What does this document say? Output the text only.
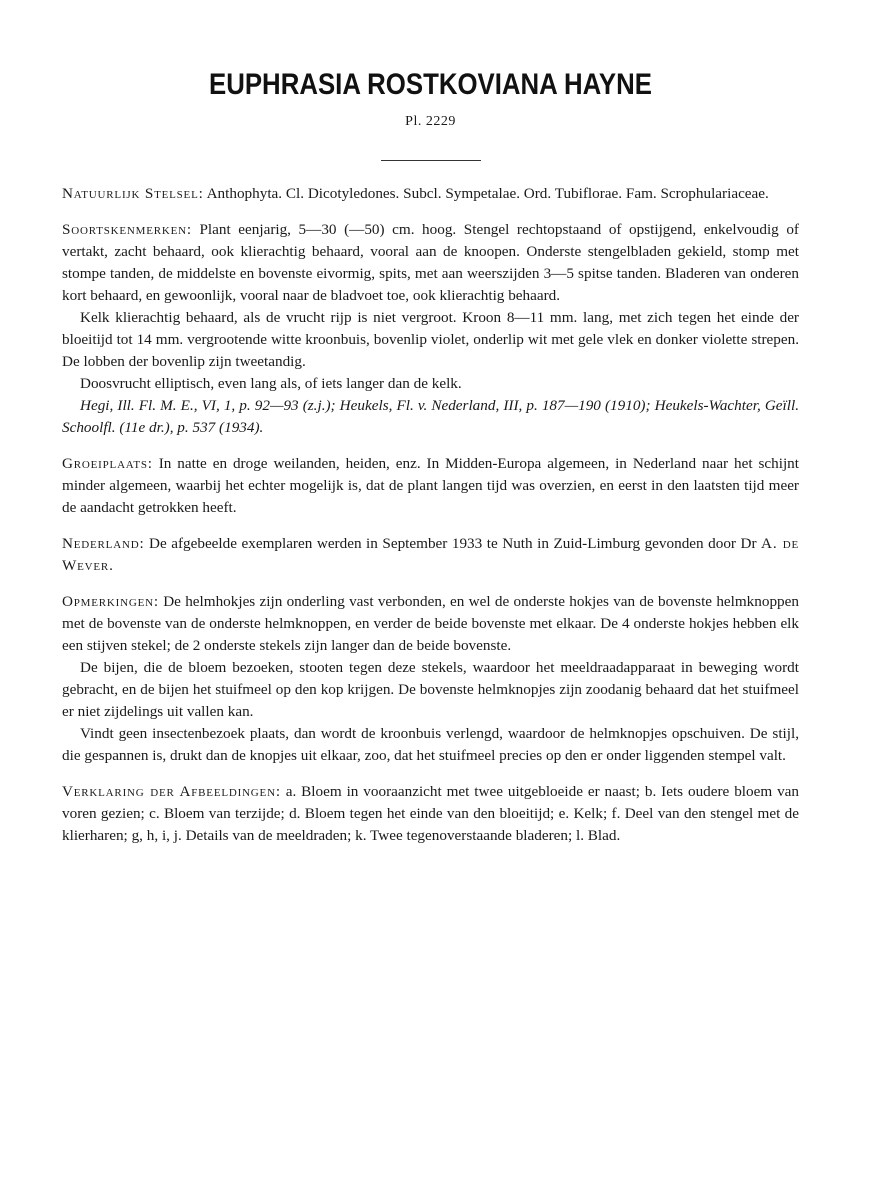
EUPHRASIA ROSTKOVIANA HAYNE
Pl. 2229

Natuurlijk Stelsel: Anthophyta. Cl. Dicotyledones. Subcl. Sympetalae. Ord. Tubiflorae. Fam. Scrophulariaceae.

Soortskenmerken: Plant eenjarig, 5—30 (—50) cm. hoog. Stengel rechtopstaand of opstijgend, enkelvoudig of vertakt, zacht behaard, ook klierachtig behaard, vooral aan de knoopen. Onderste stengelbladen gekield, stomp met stompe tanden, de middelste en bovenste eivormig, spits, met aan weerszijden 3—5 spitse tanden. Bladeren van onderen kort behaard, en gewoonlijk, vooral naar de bladvoet toe, ook klierachtig behaard.

Kelk klierachtig behaard, als de vrucht rijp is niet vergroot. Kroon 8—11 mm. lang, met zich tegen het einde der bloeitijd tot 14 mm. vergrootende witte kroonbuis, bovenlip violet, onderlip wit met gele vlek en donker violette strepen. De lobben der bovenlip zijn tweetandig.

Doosvrucht elliptisch, even lang als, of iets langer dan de kelk.

Hegi, Ill. Fl. M. E., VI, 1, p. 92—93 (z.j.); Heukels, Fl. v. Nederland, III, p. 187—190 (1910); Heukels-Wachter, Geïll. Schoolfl. (11e dr.), p. 537 (1934).

Groeiplaats: In natte en droge weilanden, heiden, enz. In Midden-Europa algemeen, in Nederland naar het schijnt minder algemeen, waarbij het echter mogelijk is, dat de plant langen tijd was overzien, en eerst in den laatsten tijd meer de aandacht getrokken heeft.

Nederland: De afgebeelde exemplaren werden in September 1933 te Nuth in Zuid-Limburg gevonden door Dr A. de Wever.

Opmerkingen: De helmhokjes zijn onderling vast verbonden, en wel de onderste hokjes van de bovenste helmknoppen met de bovenste van de onderste helmknoppen, en verder de beide bovenste met elkaar. De 4 onderste hokjes hebben elk een stijven stekel; de 2 onderste stekels zijn langer dan de beide bovenste.

De bijen, die de bloem bezoeken, stooten tegen deze stekels, waardoor het meeldraadapparaat in beweging wordt gebracht, en de bijen het stuifmeel op den kop krijgen. De bovenste helmknopjes zijn zoodanig behaard dat het stuifmeel er niet zijdelings uit vallen kan.

Vindt geen insectenbezoek plaats, dan wordt de kroonbuis verlengd, waardoor de helmknopjes opschuiven. De stijl, die gespannen is, drukt dan de knopjes uit elkaar, zoo, dat het stuifmeel precies op den er onder liggenden stempel valt.

Verklaring der Afbeeldingen: a. Bloem in vooraanzicht met twee uitgebloeide er naast; b. Iets oudere bloem van voren gezien; c. Bloem van terzijde; d. Bloem tegen het einde van den bloeitijd; e. Kelk; f. Deel van den stengel met de klierharen; g, h, i, j. Details van de meeldraden; k. Twee tegenoverstaande bladeren; l. Blad.
